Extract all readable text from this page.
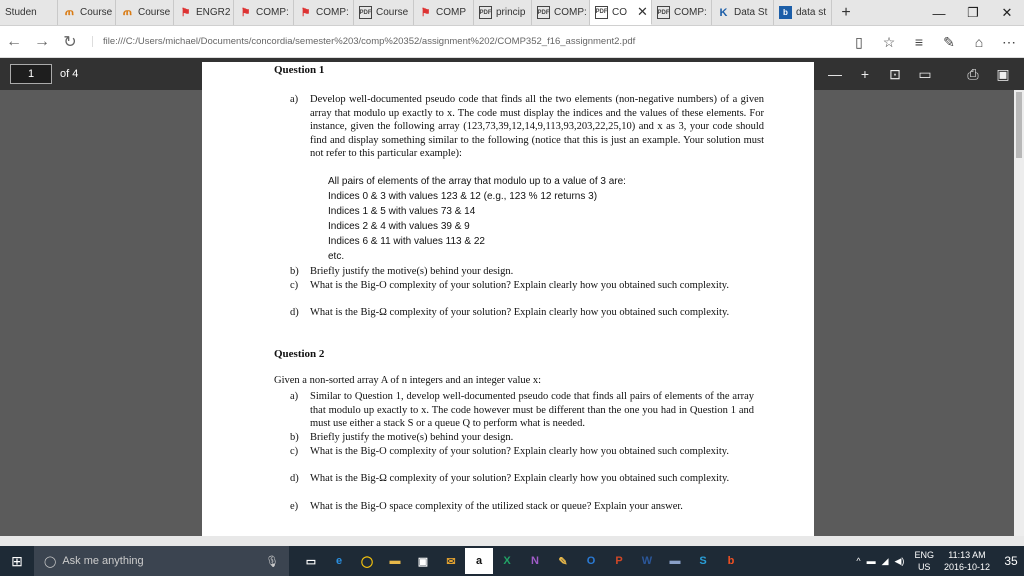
Studen	ጠ Course ጠ Course ⚑ ENGR2 ⚑ COMP: ⚑ COMP: PDF Course ⚑ COMP PDF princip PDF COMP: PDF CO ✕ PDF COMP: K Data St	b data st +	—	❐	✕
← → ↻	file:///C:/Users/michael/Documents/concordia/semester%203/comp%20352/assignment%202/COMP352_f16_assignment2.pdf	▯	☆	≡	✎	⌂	⋯
1	of 4	—	+	⊡	▭	⎙	▣
Question 1
a)	Develop well-documented pseudo code that finds all the two elements (non-negative numbers) of a given array that modulo up exactly to x. The code must display the indices and the values of these elements. For instance, given the following array (123,73,39,12,14,9,113,93,203,22,25,10) and x as 3, your code should find and display something similar to the following (notice that this is just an example. Your solution must not refer to this particular example):
All pairs of elements of the array that modulo up to a value of 3 are:
Indices 0 & 3 with values 123 & 12 (e.g., 123 % 12 returns 3)
Indices 1 & 5 with values 73 & 14
Indices 2 & 4 with values 39 & 9
Indices 6 & 11 with values 113 & 22
etc.
b)	Briefly justify the motive(s) behind your design.
c)	What is the Big-O complexity of your solution? Explain clearly how you obtained such complexity.
d)	What is the Big-Ω complexity of your solution? Explain clearly how you obtained such complexity.
Question 2
Given a non-sorted array A of n integers and an integer value x:
a)	Similar to Question 1, develop well-documented pseudo code that finds all pairs of elements of the array that modulo up exactly to x. The code however must be different than the one you had in Question 1 and must use either a stack S or a queue Q to perform what is needed.
b)	Briefly justify the motive(s) behind your design.
c)	What is the Big-O complexity of your solution? Explain clearly how you obtained such complexity.
d)	What is the Big-Ω complexity of your solution? Explain clearly how you obtained such complexity.
e)	What is the Big-O space complexity of the utilized stack or queue? Explain your answer.
⊞	◯ Ask me anything	🎙	▭	e	◯	▬	▣	✉	a	X	N	✎	O	P	W	▬	S	b	^ ▬ ◢ ◀)
ENG
US
11:13 AM
2016-10-12	35
